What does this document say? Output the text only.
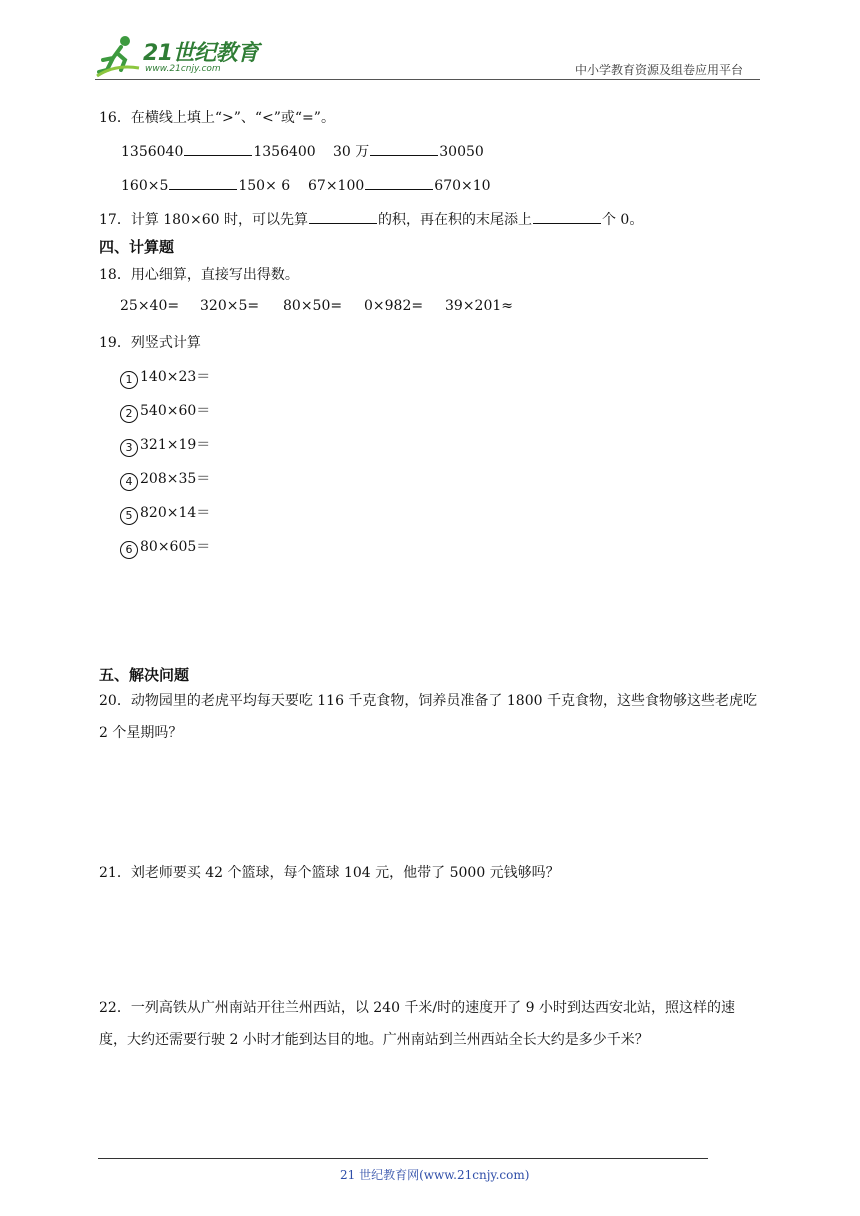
21世纪教育
www.21cnjy.com	中小学教育资源及组卷应用平台
16．在横线上填上“>”、“<”或“=”。
1356040	1356400 30 万	30050
160×5	150× 6 67×100	670×10
17．计算 180×60 时，可以先算	的积，再在积的末尾添上	个 0。
四、计算题
18．用心细算，直接写出得数。
25×40= 320×5= 80×50= 0×982= 39×201≈
19．列竖式计算
1 140×23＝
2 540×60＝
3 321×19＝
4 208×35＝
5 820×14＝
6 80×605＝
五、解决问题
20．动物园里的老虎平均每天要吃 116 千克食物，饲养员准备了 1800 千克食物，这些食物够这些老虎吃 2 个星期吗？
21．刘老师要买 42 个篮球，每个篮球 104 元，他带了 5000 元钱够吗？
22．一列高铁从广州南站开往兰州西站，以 240 千米/时的速度开了 9 小时到达西安北站，照这样的速度，大约还需要行驶 2 小时才能到达目的地。广州南站到兰州西站全长大约是多少千米？
21 世纪教育网(www.21cnjy.com)
